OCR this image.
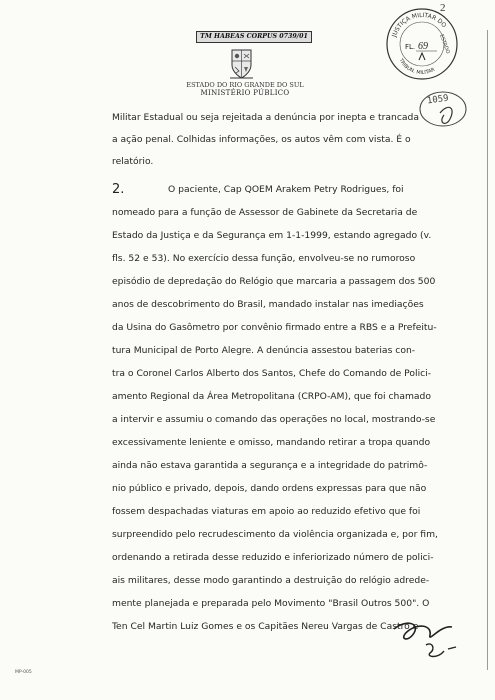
2
JUSTIÇA MILITAR DO
TRIBUN. MILITAR
ESTADO
FL. 69
1059
TM HABEAS CORPUS 0739/01
ESTADO DO RIO GRANDE DO SUL
MINISTÉRIO PÚBLICO
Militar Estadual ou seja rejeitada a denúncia por inepta e trancada
a ação penal. Colhidas informações, os autos vêm com vista. É o
relatório.
2.	O paciente, Cap QOEM Arakem Petry Rodrigues, foi
nomeado para a função de Assessor de Gabinete da Secretaria de
Estado da Justiça e da Segurança em 1-1-1999, estando agregado (v.
fls. 52 e 53). No exercício dessa função, envolveu-se no rumoroso
episódio de depredação do Relógio que marcaria a passagem dos 500
anos de descobrimento do Brasil, mandado instalar nas imediações
da Usina do Gasômetro por convênio firmado entre a RBS e a Prefeitu-
tura Municipal de Porto Alegre. A denúncia assestou baterias con-
tra o Coronel Carlos Alberto dos Santos, Chefe do Comando de Polici-
amento Regional da Área Metropolitana (CRPO-AM), que foi chamado
a intervir e assumiu o comando das operações no local, mostrando-se
excessivamente leniente e omisso, mandando retirar a tropa quando
ainda não estava garantida a segurança e a integridade do patrimô-
nio público e privado, depois, dando ordens expressas para que não
fossem despachadas viaturas em apoio ao reduzido efetivo que foi
surpreendido pelo recrudescimento da violência organizada e, por fim,
ordenando a retirada desse reduzido e inferiorizado número de polici-
ais militares, desse modo garantindo a destruição do relógio adrede-
mente planejada e preparada pelo Movimento "Brasil Outros 500". O
Ten Cel Martin Luiz Gomes e os Capitães Nereu Vargas de Castro e
MP-005
